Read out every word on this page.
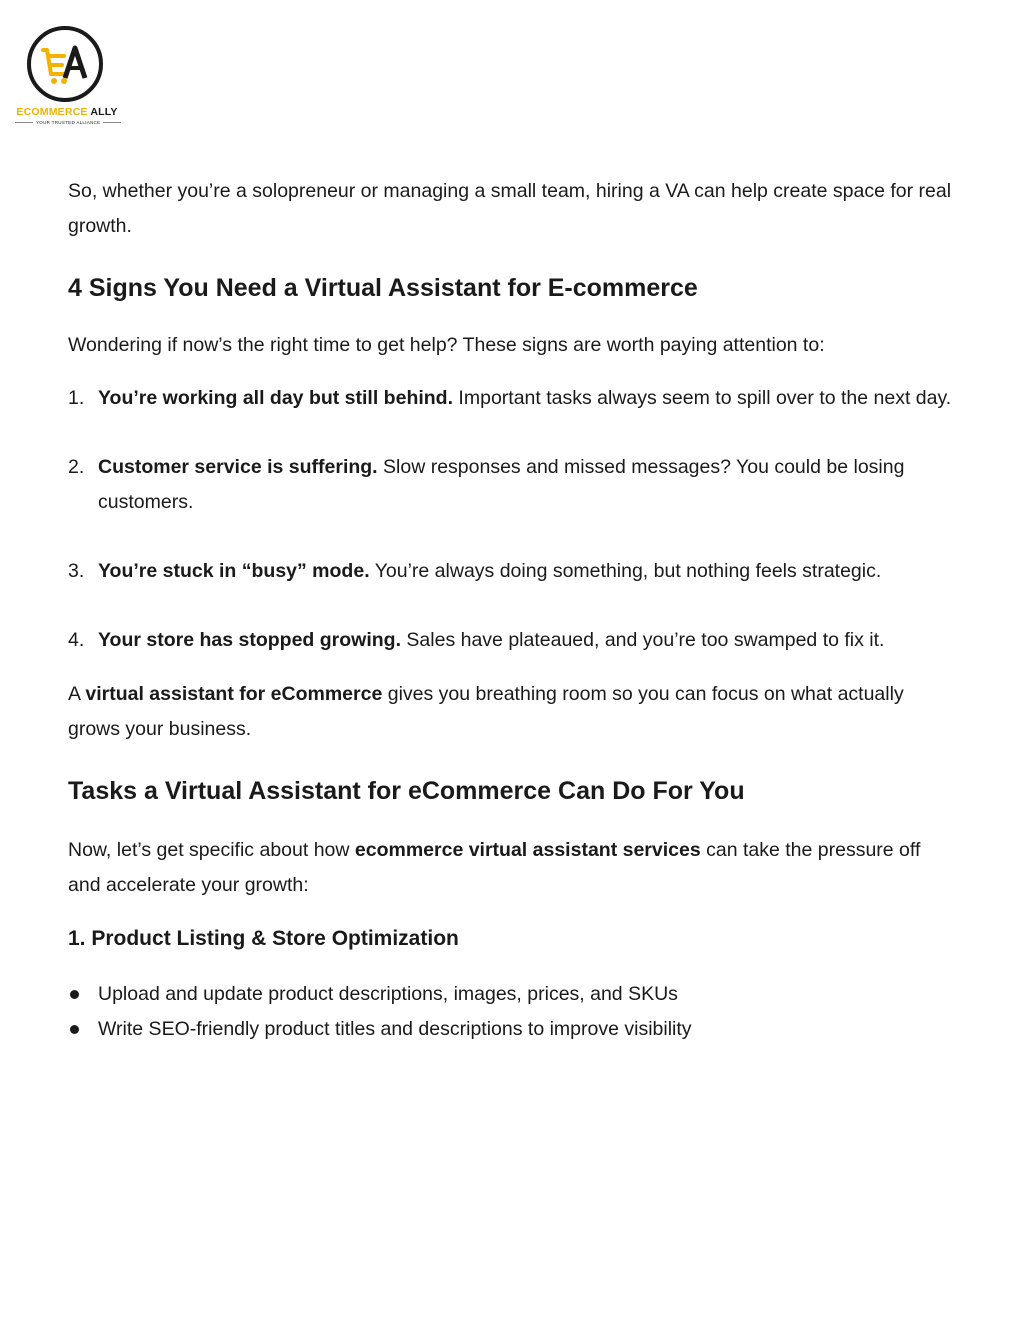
ECOMMERCE ALLY
YOUR TRUSTED ALLIANCE

So, whether you’re a solopreneur or managing a small team, hiring a VA can help create space for real growth.

4 Signs You Need a Virtual Assistant for E-commerce

Wondering if now’s the right time to get help? These signs are worth paying attention to:

1. You’re working all day but still behind. Important tasks always seem to spill over to the next day.
2. Customer service is suffering. Slow responses and missed messages? You could be losing customers.
3. You’re stuck in “busy” mode. You’re always doing something, but nothing feels strategic.
4. Your store has stopped growing. Sales have plateaued, and you’re too swamped to fix it.

A virtual assistant for eCommerce gives you breathing room so you can focus on what actually grows your business.

Tasks a Virtual Assistant for eCommerce Can Do For You

Now, let’s get specific about how ecommerce virtual assistant services can take the pressure off and accelerate your growth:

1. Product Listing & Store Optimization
Upload and update product descriptions, images, prices, and SKUs
Write SEO-friendly product titles and descriptions to improve visibility
